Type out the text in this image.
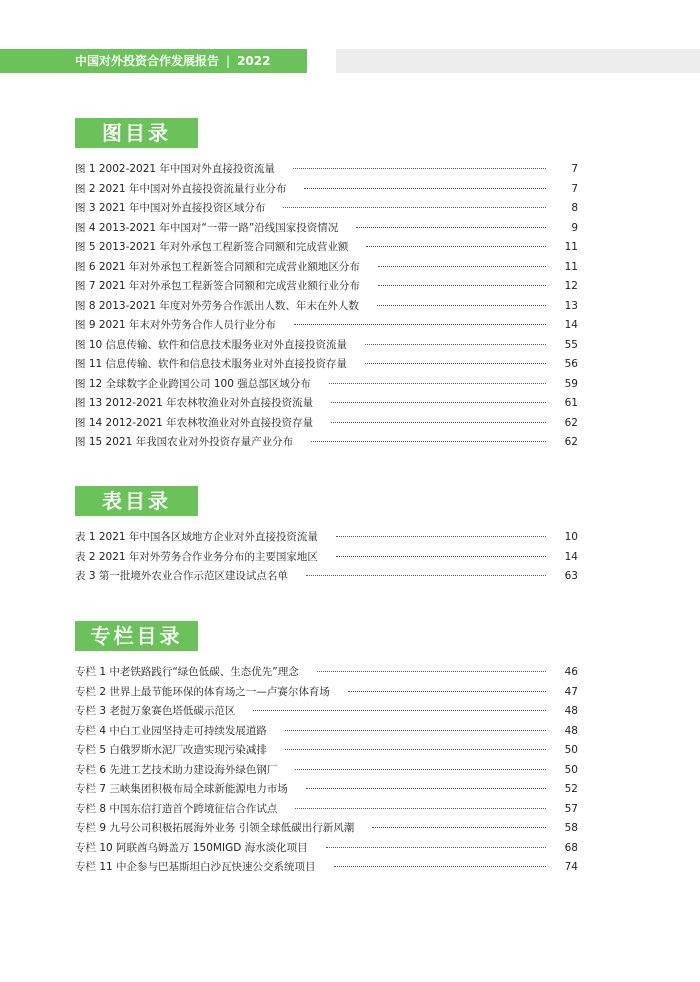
中国对外投资合作发展报告 | 2022
图目录
图 1 2002-2021 年中国对外直接投资流量	7
图 2 2021 年中国对外直接投资流量行业分布	7
图 3 2021 年中国对外直接投资区域分布	8
图 4 2013-2021 年中国对“一带一路”沿线国家投资情况	9
图 5 2013-2021 年对外承包工程新签合同额和完成营业额	11
图 6 2021 年对外承包工程新签合同额和完成营业额地区分布	11
图 7 2021 年对外承包工程新签合同额和完成营业额行业分布	12
图 8 2013-2021 年度对外劳务合作派出人数、年末在外人数	13
图 9 2021 年末对外劳务合作人员行业分布	14
图 10 信息传输、软件和信息技术服务业对外直接投资流量	55
图 11 信息传输、软件和信息技术服务业对外直接投资存量	56
图 12 全球数字企业跨国公司 100 强总部区域分布	59
图 13 2012-2021 年农林牧渔业对外直接投资流量	61
图 14 2012-2021 年农林牧渔业对外直接投资存量	62
图 15 2021 年我国农业对外投资存量产业分布	62
表目录
表 1 2021 年中国各区域地方企业对外直接投资流量	10
表 2 2021 年对外劳务合作业务分布的主要国家地区	14
表 3 第一批境外农业合作示范区建设试点名单	63
专栏目录
专栏 1 中老铁路践行“绿色低碳、生态优先”理念	46
专栏 2 世界上最节能环保的体育场之一—卢赛尔体育场	47
专栏 3 老挝万象赛色塔低碳示范区	48
专栏 4 中白工业园坚持走可持续发展道路	48
专栏 5 白俄罗斯水泥厂改造实现污染减排	50
专栏 6 先进工艺技术助力建设海外绿色钢厂	50
专栏 7 三峡集团积极布局全球新能源电力市场	52
专栏 8 中国东信打造首个跨境征信合作试点	57
专栏 9 九号公司积极拓展海外业务 引领全球低碳出行新风潮	58
专栏 10 阿联酋乌姆盖万 150MIGD 海水淡化项目	68
专栏 11 中企参与巴基斯坦白沙瓦快速公交系统项目	74
